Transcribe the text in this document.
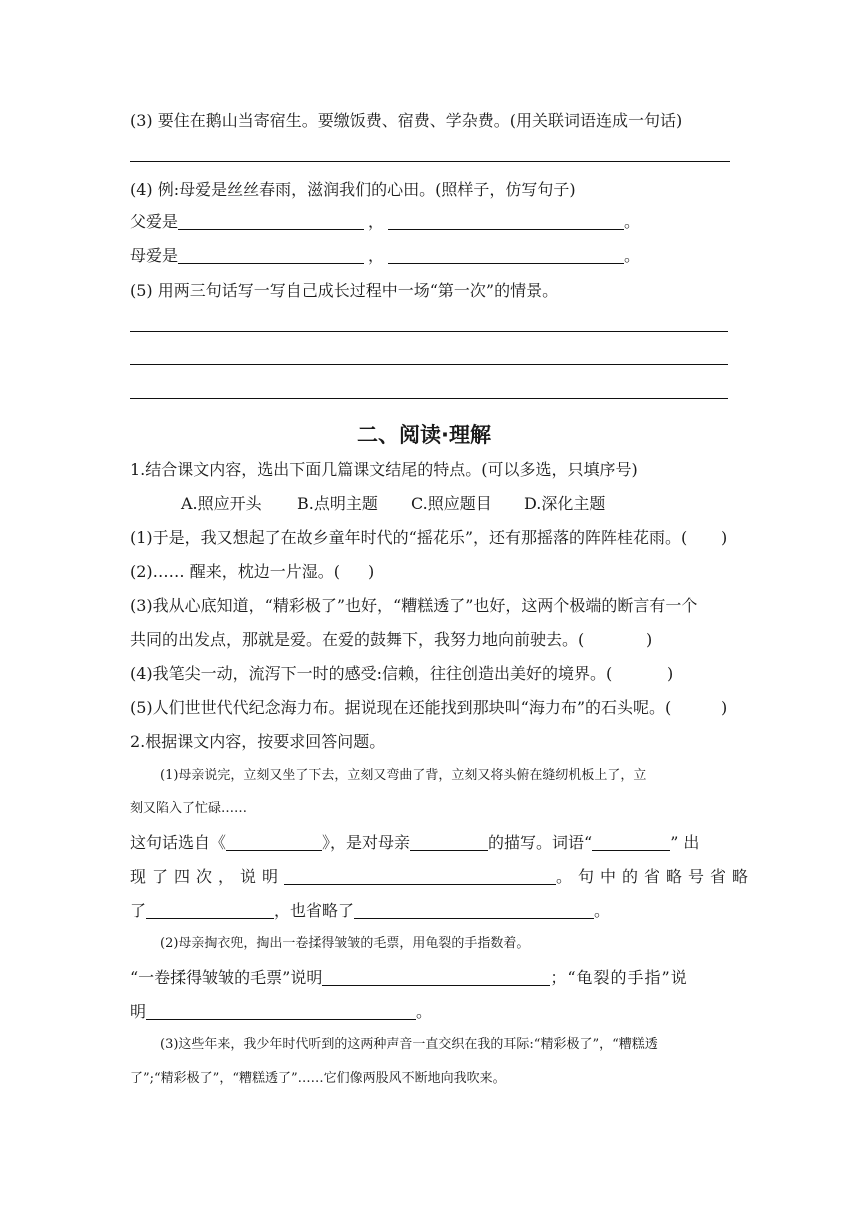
(3) 要住在鹅山当寄宿生。要缴饭费、宿费、学杂费。(用关联词语连成一句话)
(4) 例:母爱是丝丝春雨，滋润我们的心田。(照样子，仿写句子)
父爱是	，	。
母爱是	，	。
(5) 用两三句话写一写自己成长过程中一场“第一次”的情景。
二、阅读·理解
1.结合课文内容，选出下面几篇课文结尾的特点。(可以多选，只填序号)
A.照应开头 B.点明主题 C.照应题目 D.深化主题
(1)于是，我又想起了在故乡童年时代的“摇花乐”，还有那摇落的阵阵桂花雨。( )
(2)…… 醒来，枕边一片湿。( )
(3)我从心底知道，“精彩极了”也好，“糟糕透了”也好，这两个极端的断言有一个
共同的出发点，那就是爱。在爱的鼓舞下，我努力地向前驶去。(	)
(4)我笔尖一动，流泻下一时的感受:信赖，往往创造出美好的境界。(	)
(5)人们世世代代纪念海力布。据说现在还能找到那块叫“海力布”的石头呢。(	)
2.根据课文内容，按要求回答问题。
(1)母亲说完，立刻又坐了下去，立刻又弯曲了背，立刻又将头俯在缝纫机板上了，立
刻又陷入了忙碌……
这句话选自《	》，是对母亲	的描写。词语“	”出
现了四次，说明	。句中的省略号省略
了	，也省略了	。
(2)母亲掏衣兜，掏出一卷揉得皱皱的毛票，用龟裂的手指数着。
“一卷揉得皱皱的毛票”说明	；“龟裂的手指”说
明	。
(3)这些年来，我少年时代听到的这两种声音一直交织在我的耳际:“精彩极了”，“糟糕透
了”;“精彩极了”，“糟糕透了”……它们像两股风不断地向我吹来。
